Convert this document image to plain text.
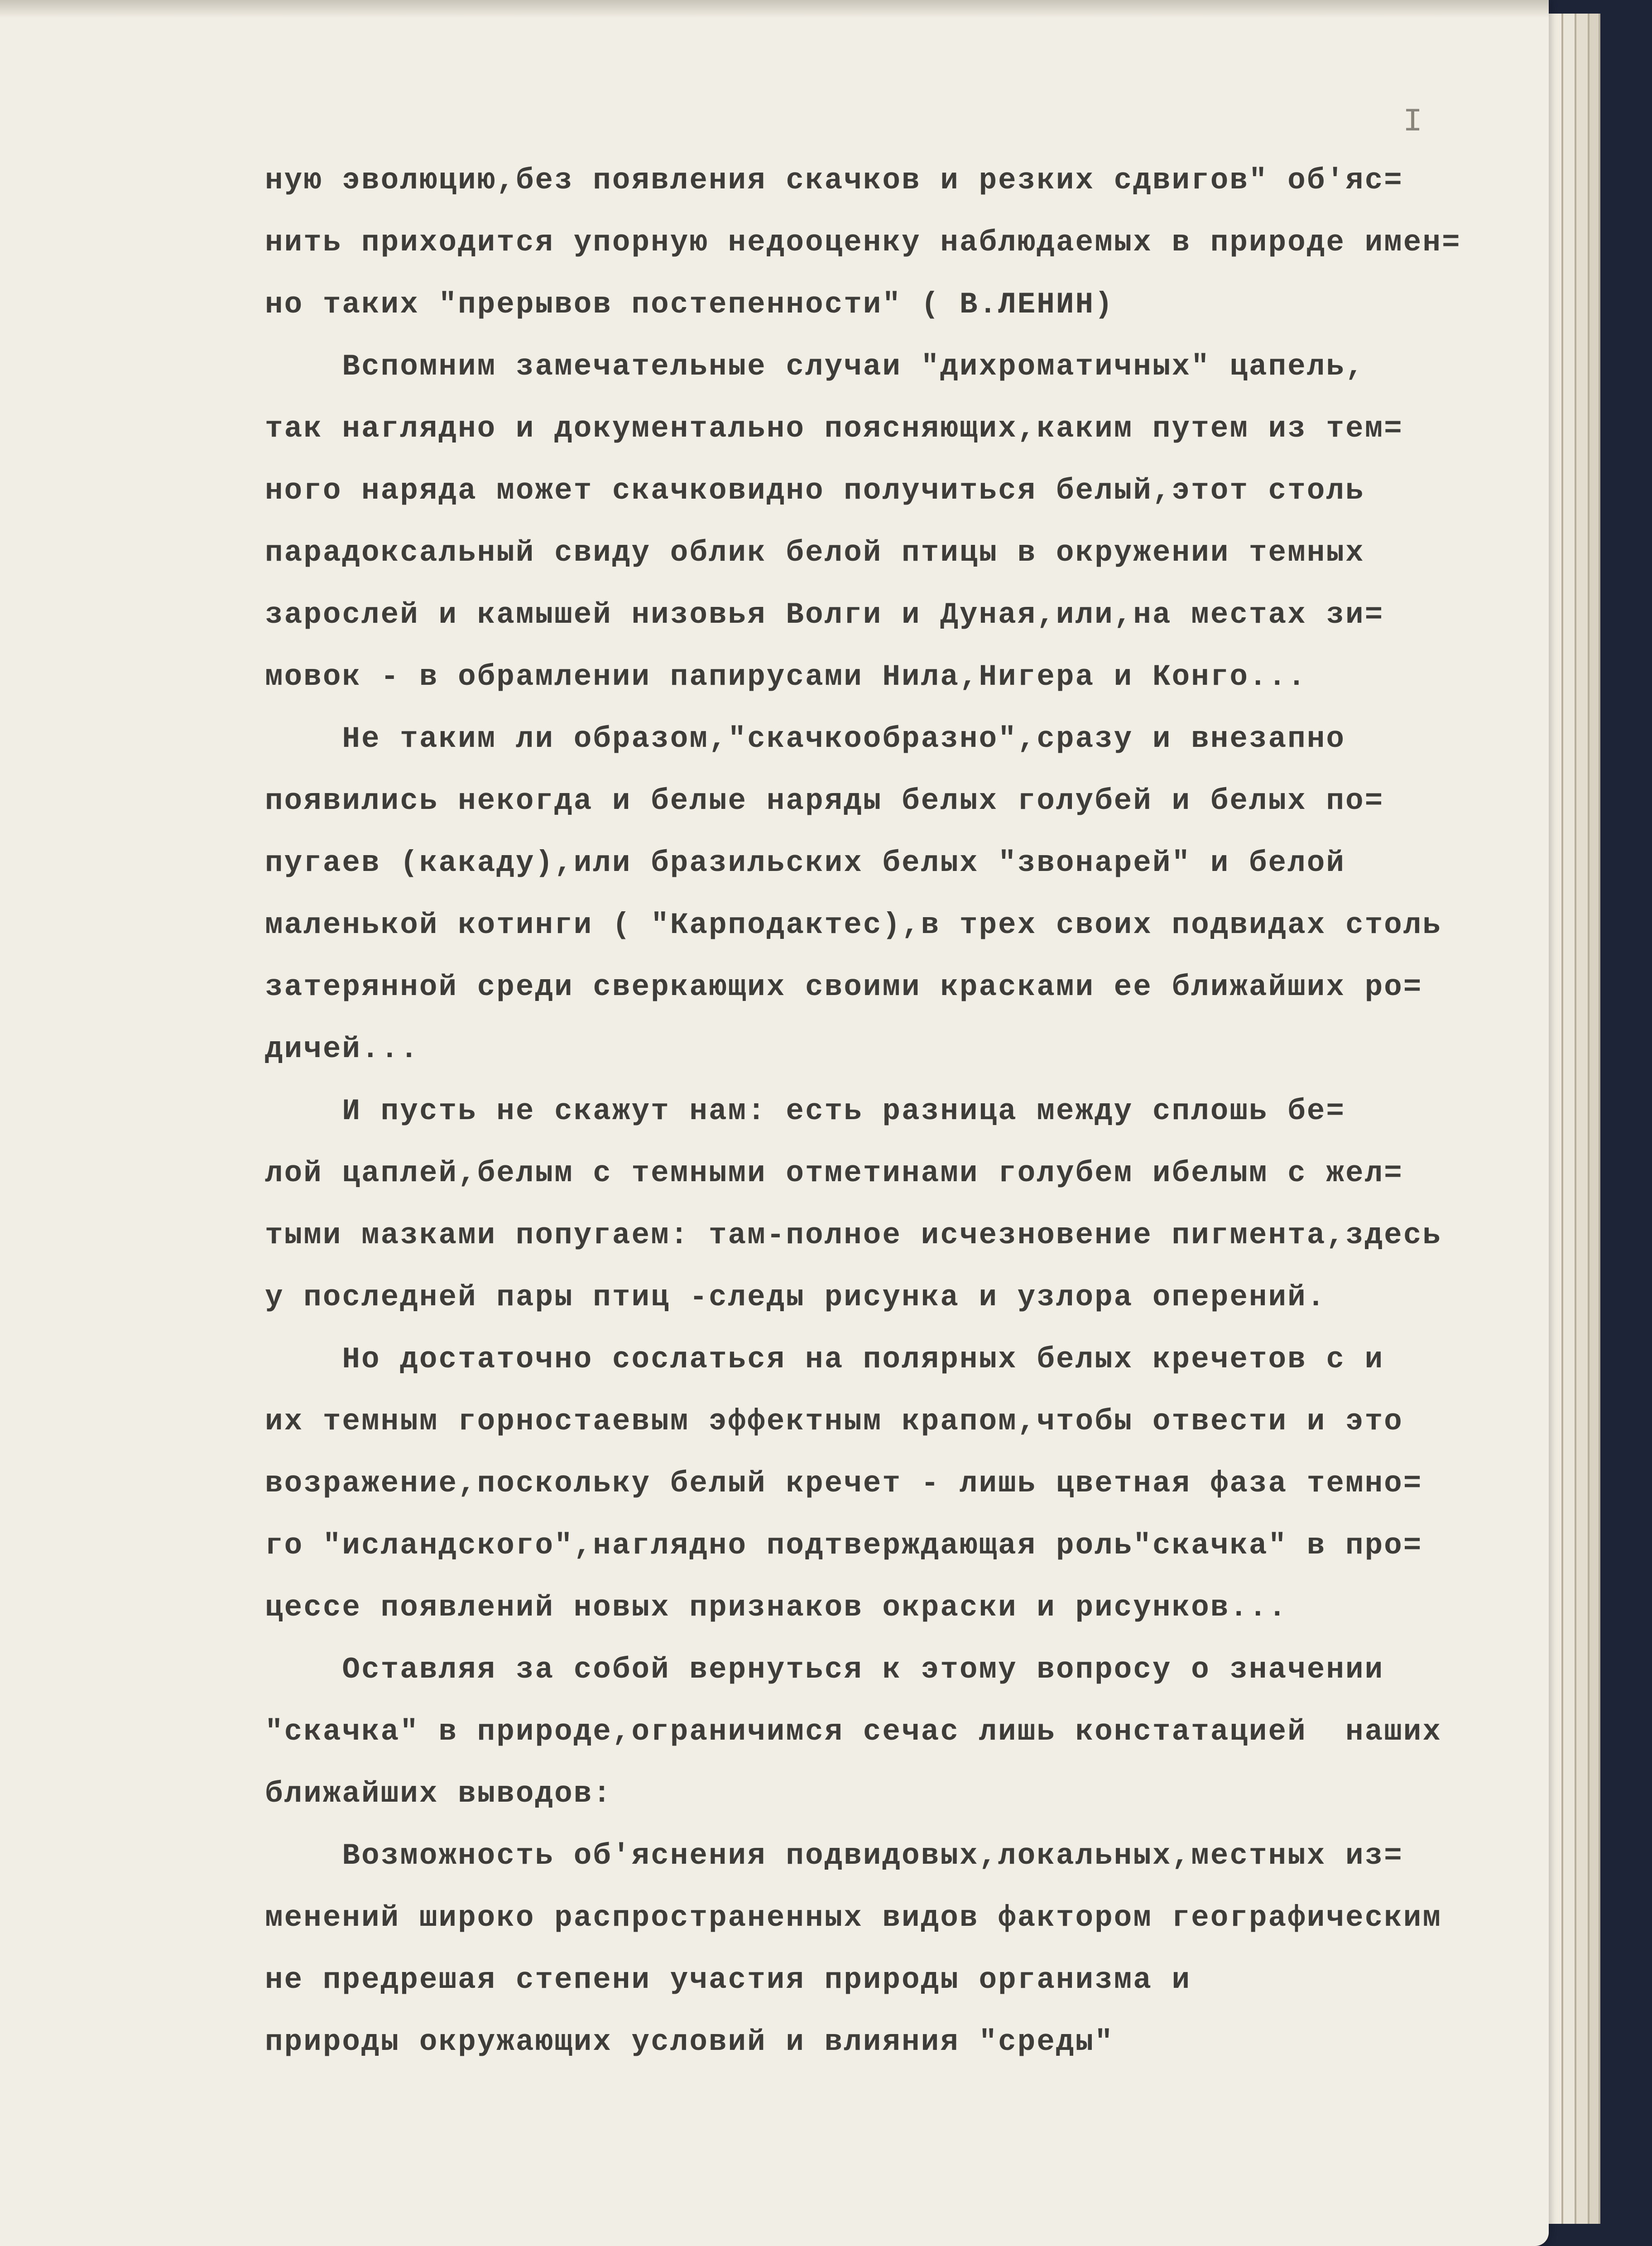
I
ную эволюцию,без появления скачков и резких сдвигов" об'яс=
нить приходится упорную недооценку наблюдаемых в природе имен=
но таких "прерывов постепенности" ( В.ЛЕНИН)
Вспомним замечательные случаи "дихроматичных" цапель,
так наглядно и документально поясняющих,каким путем из тем=
ного наряда может скачковидно получиться белый,этот столь
парадоксальный свиду облик белой птицы в окружении темных
зарослей и камышей низовья Волги и Дуная,или,на местах зи=
мовок - в обрамлении папирусами Нила,Нигера и Конго...
Не таким ли образом,"скачкообразно",сразу и внезапно
появились некогда и белые наряды белых голубей и белых по=
пугаев (какаду),или бразильских белых "звонарей" и белой
маленькой котинги ( "Карподактес),в трех своих подвидах столь
затерянной среди сверкающих своими красками ее ближайших ро=
дичей...
И пусть не скажут нам: есть разница между сплошь бе=
лой цаплей,белым с темными отметинами голубем ибелым с жел=
тыми мазками попугаем: там-полное исчезновение пигмента,здесь
у последней пары птиц -следы рисунка и узлора оперений.
Но достаточно сослаться на полярных белых кречетов с и
их темным горностаевым эффектным крапом,чтобы отвести и это
возражение,поскольку белый кречет - лишь цветная фаза темно=
го "исландского",наглядно подтверждающая роль"скачка" в про=
цессе появлений новых признаков окраски и рисунков...
Оставляя за собой вернуться к этому вопросу о значении
"скачка" в природе,ограничимся сечас лишь констатацией  наших
ближайших выводов:
Возможность об'яснения подвидовых,локальных,местных из=
менений широко распространенных видов фактором географическим
не предрешая степени участия природы организма и
природы окружающих условий и влияния "среды"
